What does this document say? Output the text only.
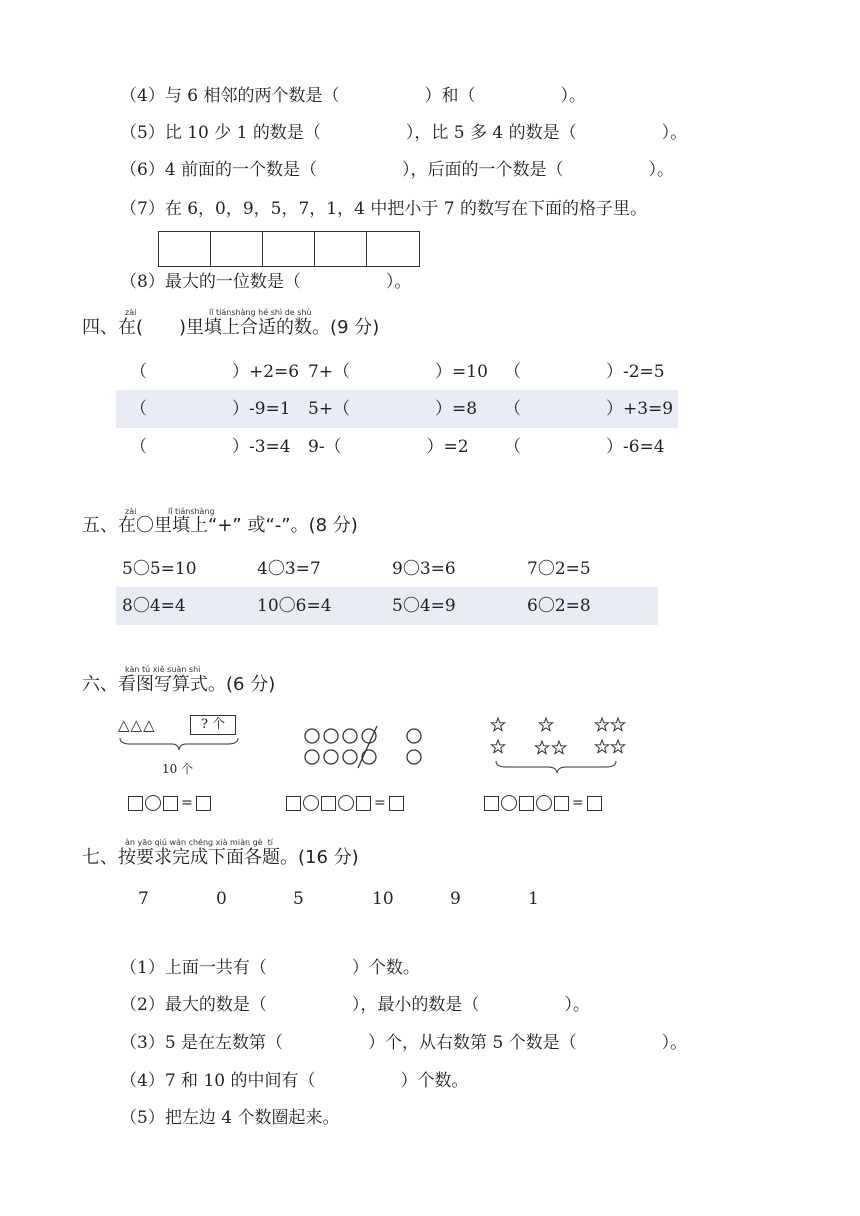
（4）与 6 相邻的两个数是（　　　　　）和（　　　　　）。
（5）比 10 少 1 的数是（　　　　　），比 5 多 4 的数是（　　　　　）。
（6）4 前面的一个数是（　　　　　），后面的一个数是（　　　　　）。
（7）在 6，0，9，5，7，1，4 中把小于 7 的数写在下面的格子里。
（8）最大的一位数是（　　　　　）。
zài	lǐ tiánshàng hé shì de shù
四、在(　　)里填上合适的数。(9 分)
（　　　　　）+2=6 7+（　　　　　）=10 （　　　　　）-2=5
（　　　　　）-9=1 5+（　　　　　）=8 （　　　　　）+3=9
（　　　　　）-3=4 9-（　　　　　）=2 （　　　　　）-6=4
zài	lǐ tiánshàng
五、在〇里填上“+” 或“-”。(8 分)
5〇5=10	4〇3=7	9〇3=6	7〇2=5
8〇4=4	10〇6=4	5〇4=9	6〇2=8
kàn tú xiě suàn shì
六、看图写算式。(6 分)
△△△	? 个
10 个
=	=	=
àn yāo qiú wán chéng xià miàn gè  tí
七、按要求完成下面各题。(16 分)
7	0	5	10	9	1
（1）上面一共有（　　　　　）个数。
（2）最大的数是（　　　　　），最小的数是（　　　　　）。
（3）5 是在左数第（　　　　　）个，从右数第 5 个数是（　　　　　）。
（4）7 和 10 的中间有（　　　　　）个数。
（5）把左边 4 个数圈起来。
